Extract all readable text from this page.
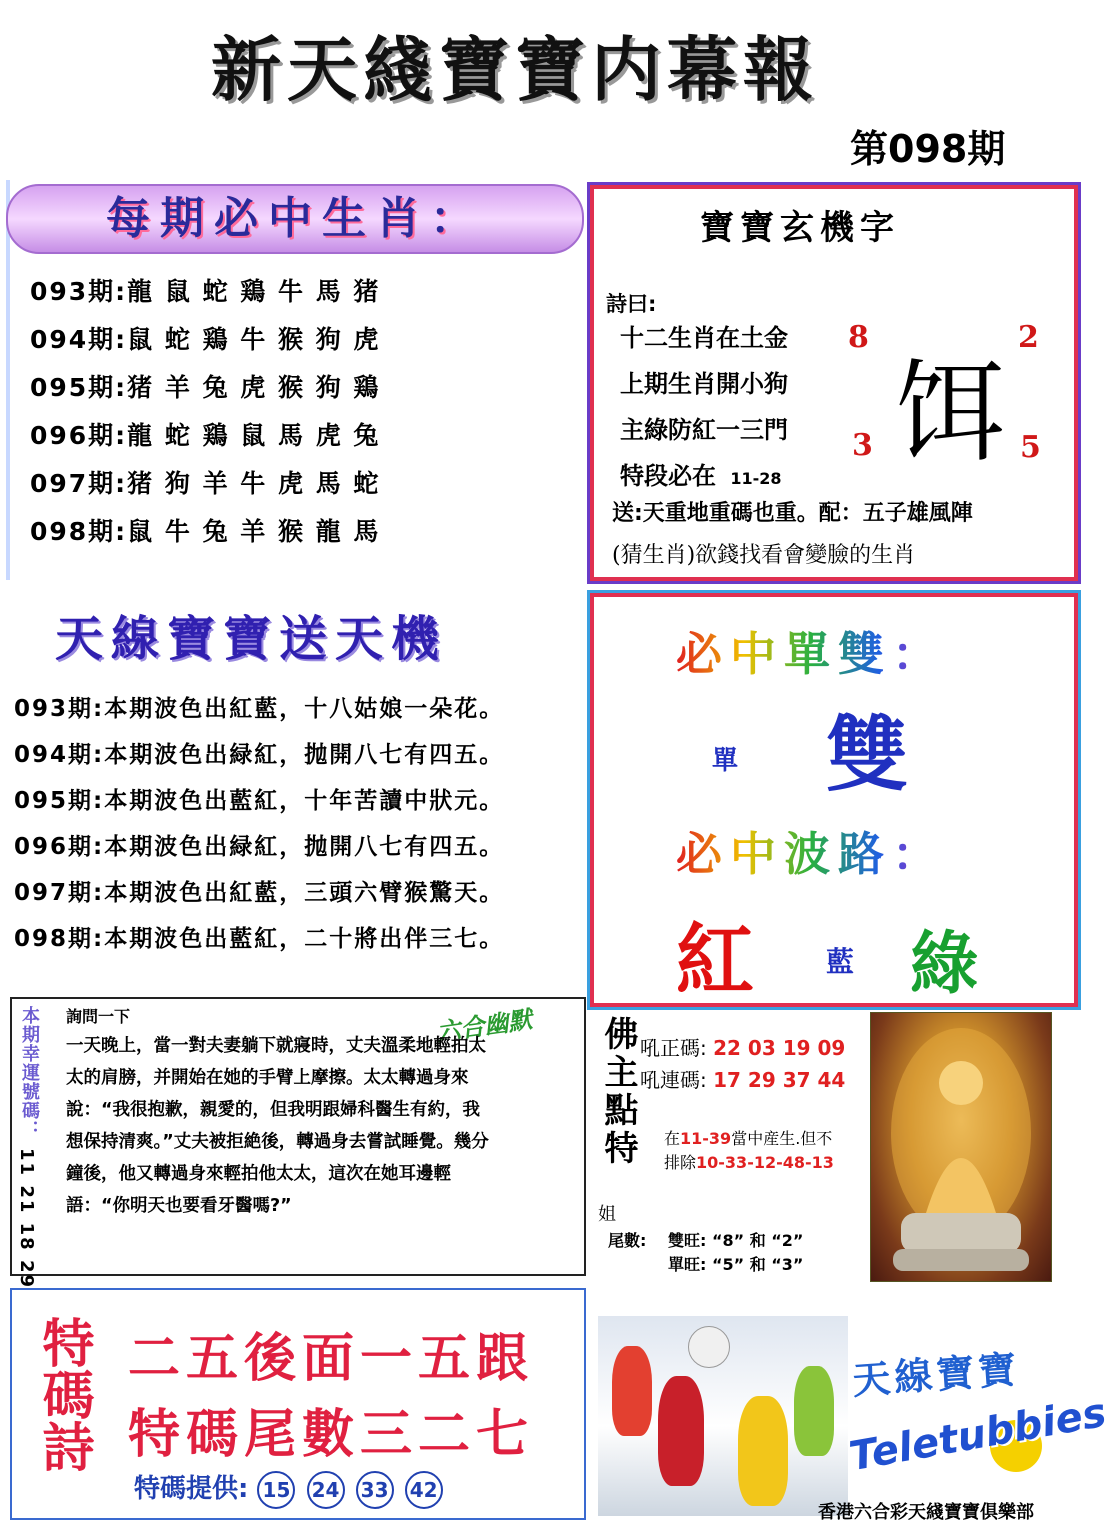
新天綫寶寶内幕報
第098期
每期必中生肖：
093期:龍 鼠 蛇 鶏 牛 馬 猪
094期:鼠 蛇 鶏 牛 猴 狗 虎
095期:猪 羊 兔 虎 猴 狗 鶏
096期:龍 蛇 鶏 鼠 馬 虎 兔
097期:猪 狗 羊 牛 虎 馬 蛇
098期:鼠 牛 兔 羊 猴 龍 馬
寶寶玄機字
詩曰:
十二生肖在土金
上期生肖開小狗
主綠防紅一三門
特段必在 11-28
8	2
3	5
饵
送:天重地重碼也重。配：五子雄風陣
(猜生肖)欲錢找看會變臉的生肖
天線寶寶送天機
093期:本期波色出紅藍，十八姑娘一朵花。
094期:本期波色出緑紅，抛開八七有四五。
095期:本期波色出藍紅，十年苦讀中狀元。
096期:本期波色出緑紅，抛開八七有四五。
097期:本期波色出紅藍，三頭六臂猴驚天。
098期:本期波色出藍紅，二十將出伴三七。
必中單雙：
單 雙
必中波路：
紅	藍 綠
本期幸運號碼：
11 21 18 29
六合幽默
詢問一下
一天晚上，當一對夫妻躺下就寢時，丈夫溫柔地輕拍太太的肩膀，并開始在她的手臂上摩擦。太太轉過身來說：“我很抱歉，親愛的，但我明跟婦科醫生有約，我想保持清爽。”丈夫被拒絶後，轉過身去嘗試睡覺。幾分鐘後，他又轉過身來輕拍他太太，這次在她耳邊輕語：“你明天也要看牙醫嗎?”
佛主點特
姐
吼正碼: 22 03 19 09
吼連碼: 17 29 37 44
在11-39當中産生.但不
排除10-33-12-48-13
尾數: 雙旺: “8” 和 “2”
單旺: “5” 和 “3”
特碼詩 二五後面一五跟
特碼尾數三二七
特碼提供: 15 24 33 42
天線寶寶
Teletubbies
香港六合彩天綫寶寶俱樂部
